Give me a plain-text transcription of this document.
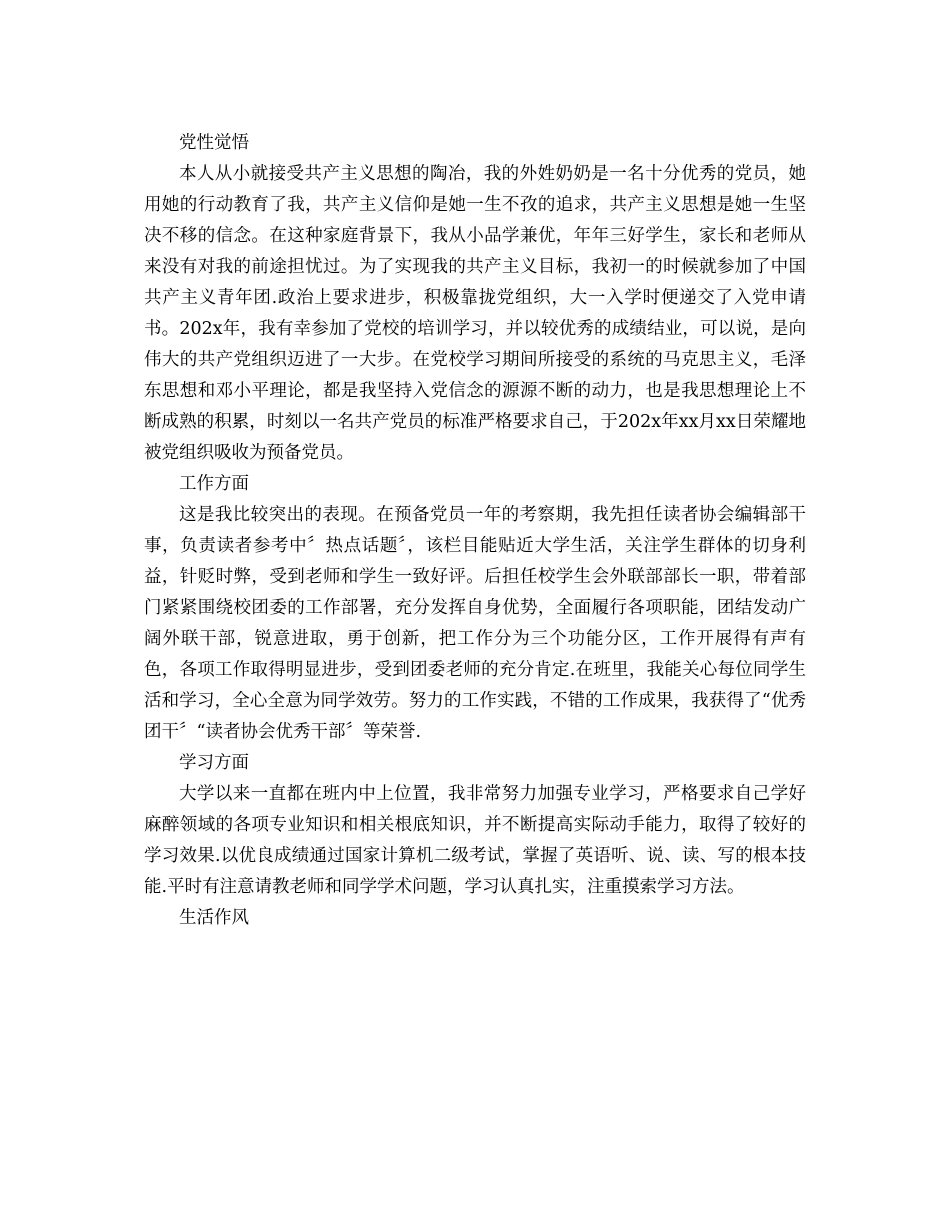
党性觉悟

本人从小就接受共产主义思想的陶冶，我的外姓奶奶是一名十分优秀的党员，她用她的行动教育了我，共产主义信仰是她一生不孜的追求，共产主义思想是她一生坚决不移的信念。在这种家庭背景下，我从小品学兼优，年年三好学生，家长和老师从来没有对我的前途担忧过。为了实现我的共产主义目标，我初一的时候就参加了中国共产主义青年团.政治上要求进步，积极靠拢党组织，大一入学时便递交了入党申请书。202x年，我有幸参加了党校的培训学习，并以较优秀的成绩结业，可以说，是向伟大的共产党组织迈进了一大步。在党校学习期间所接受的系统的马克思主义，毛泽东思想和邓小平理论，都是我坚持入党信念的源源不断的动力，也是我思想理论上不断成熟的积累，时刻以一名共产党员的标准严格要求自己，于202x年xx月xx日荣耀地被党组织吸收为预备党员。

工作方面

这是我比较突出的表现。在预备党员一年的考察期，我先担任读者协会编辑部干事，负责读者参考中〞热点话题〞，该栏目能贴近大学生活，关注学生群体的切身利益，针贬时弊，受到老师和学生一致好评。后担任校学生会外联部部长一职，带着部门紧紧围绕校团委的工作部署，充分发挥自身优势，全面履行各项职能，团结发动广阔外联干部，锐意进取，勇于创新，把工作分为三个功能分区，工作开展得有声有色，各项工作取得明显进步，受到团委老师的充分肯定.在班里，我能关心每位同学生活和学习，全心全意为同学效劳。努力的工作实践，不错的工作成果，我获得了“优秀团干〞“读者协会优秀干部〞等荣誉.

学习方面

大学以来一直都在班内中上位置，我非常努力加强专业学习，严格要求自己学好麻醉领域的各项专业知识和相关根底知识，并不断提高实际动手能力，取得了较好的学习效果.以优良成绩通过国家计算机二级考试，掌握了英语听、说、读、写的根本技能.平时有注意请教老师和同学学术问题，学习认真扎实，注重摸索学习方法。

生活作风
